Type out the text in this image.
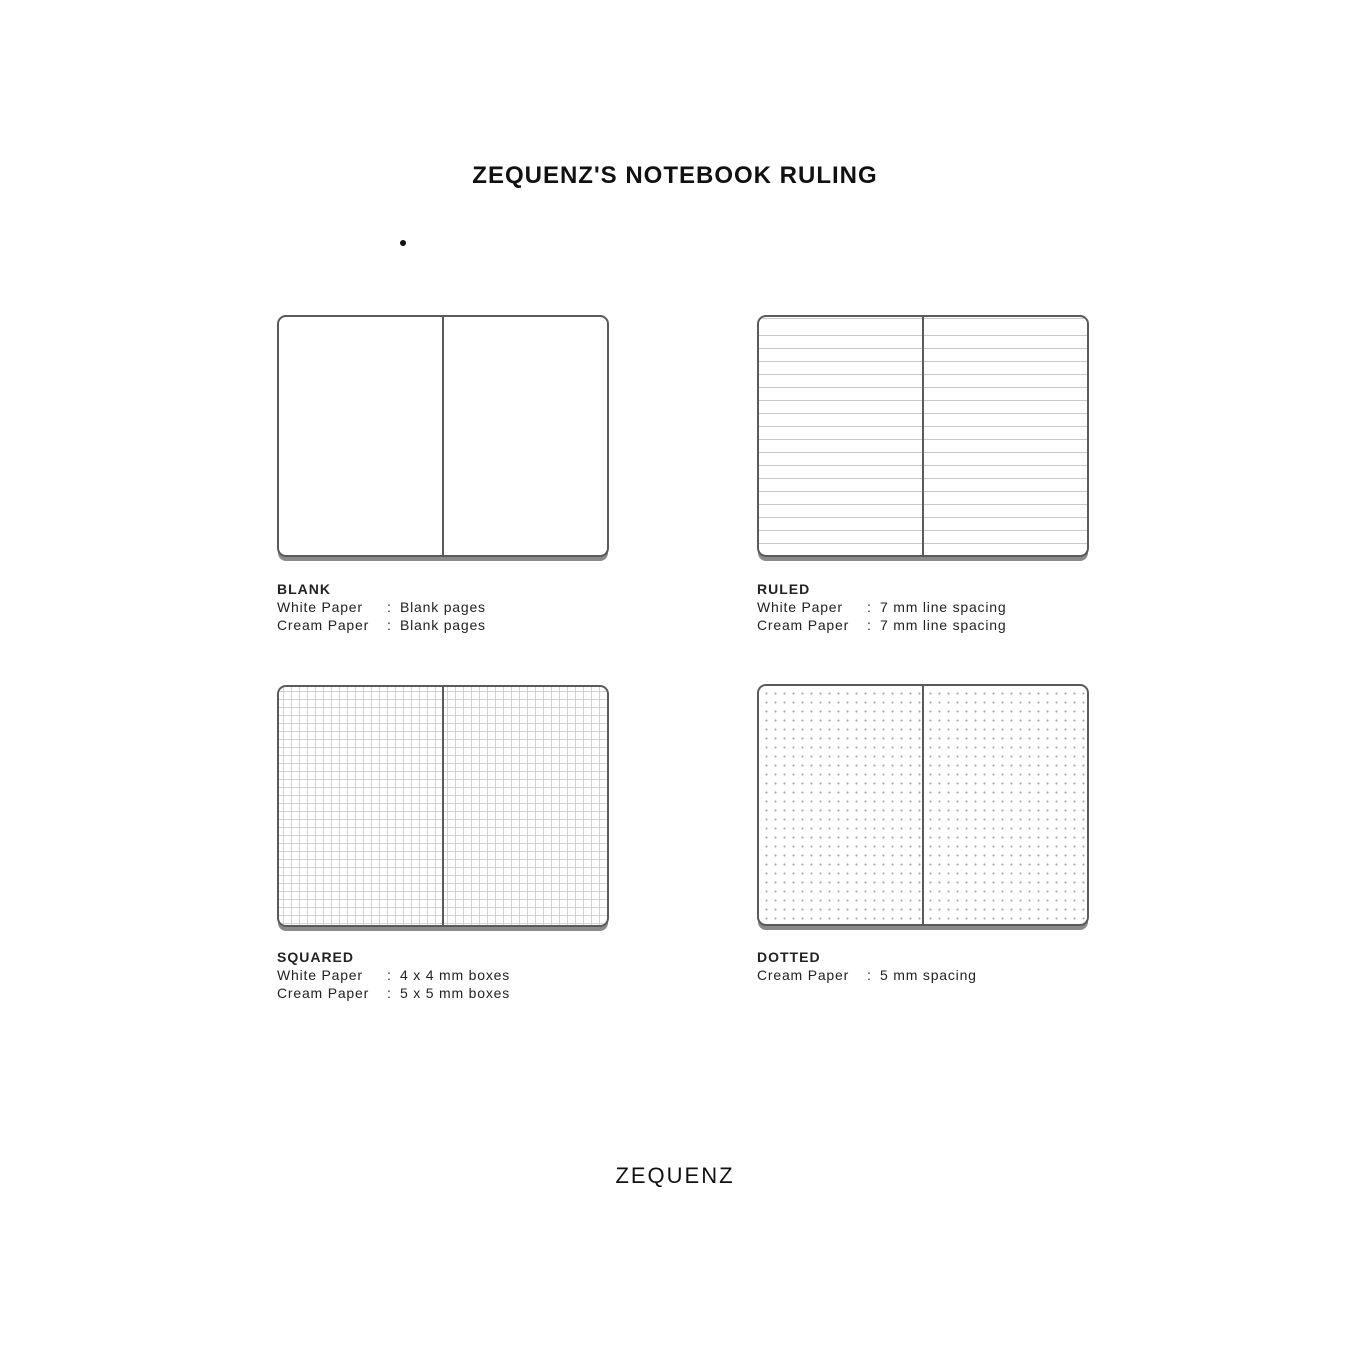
ZEQUENZ'S NOTEBOOK RULING
BLANK
White Paper	: Blank pages
Cream Paper	: Blank pages
RULED
White Paper	: 7 mm line spacing
Cream Paper	: 7 mm line spacing
SQUARED
White Paper	: 4 x 4 mm boxes
Cream Paper	: 5 x 5 mm boxes
DOTTED
Cream Paper	: 5 mm spacing
ZEQUENZ
